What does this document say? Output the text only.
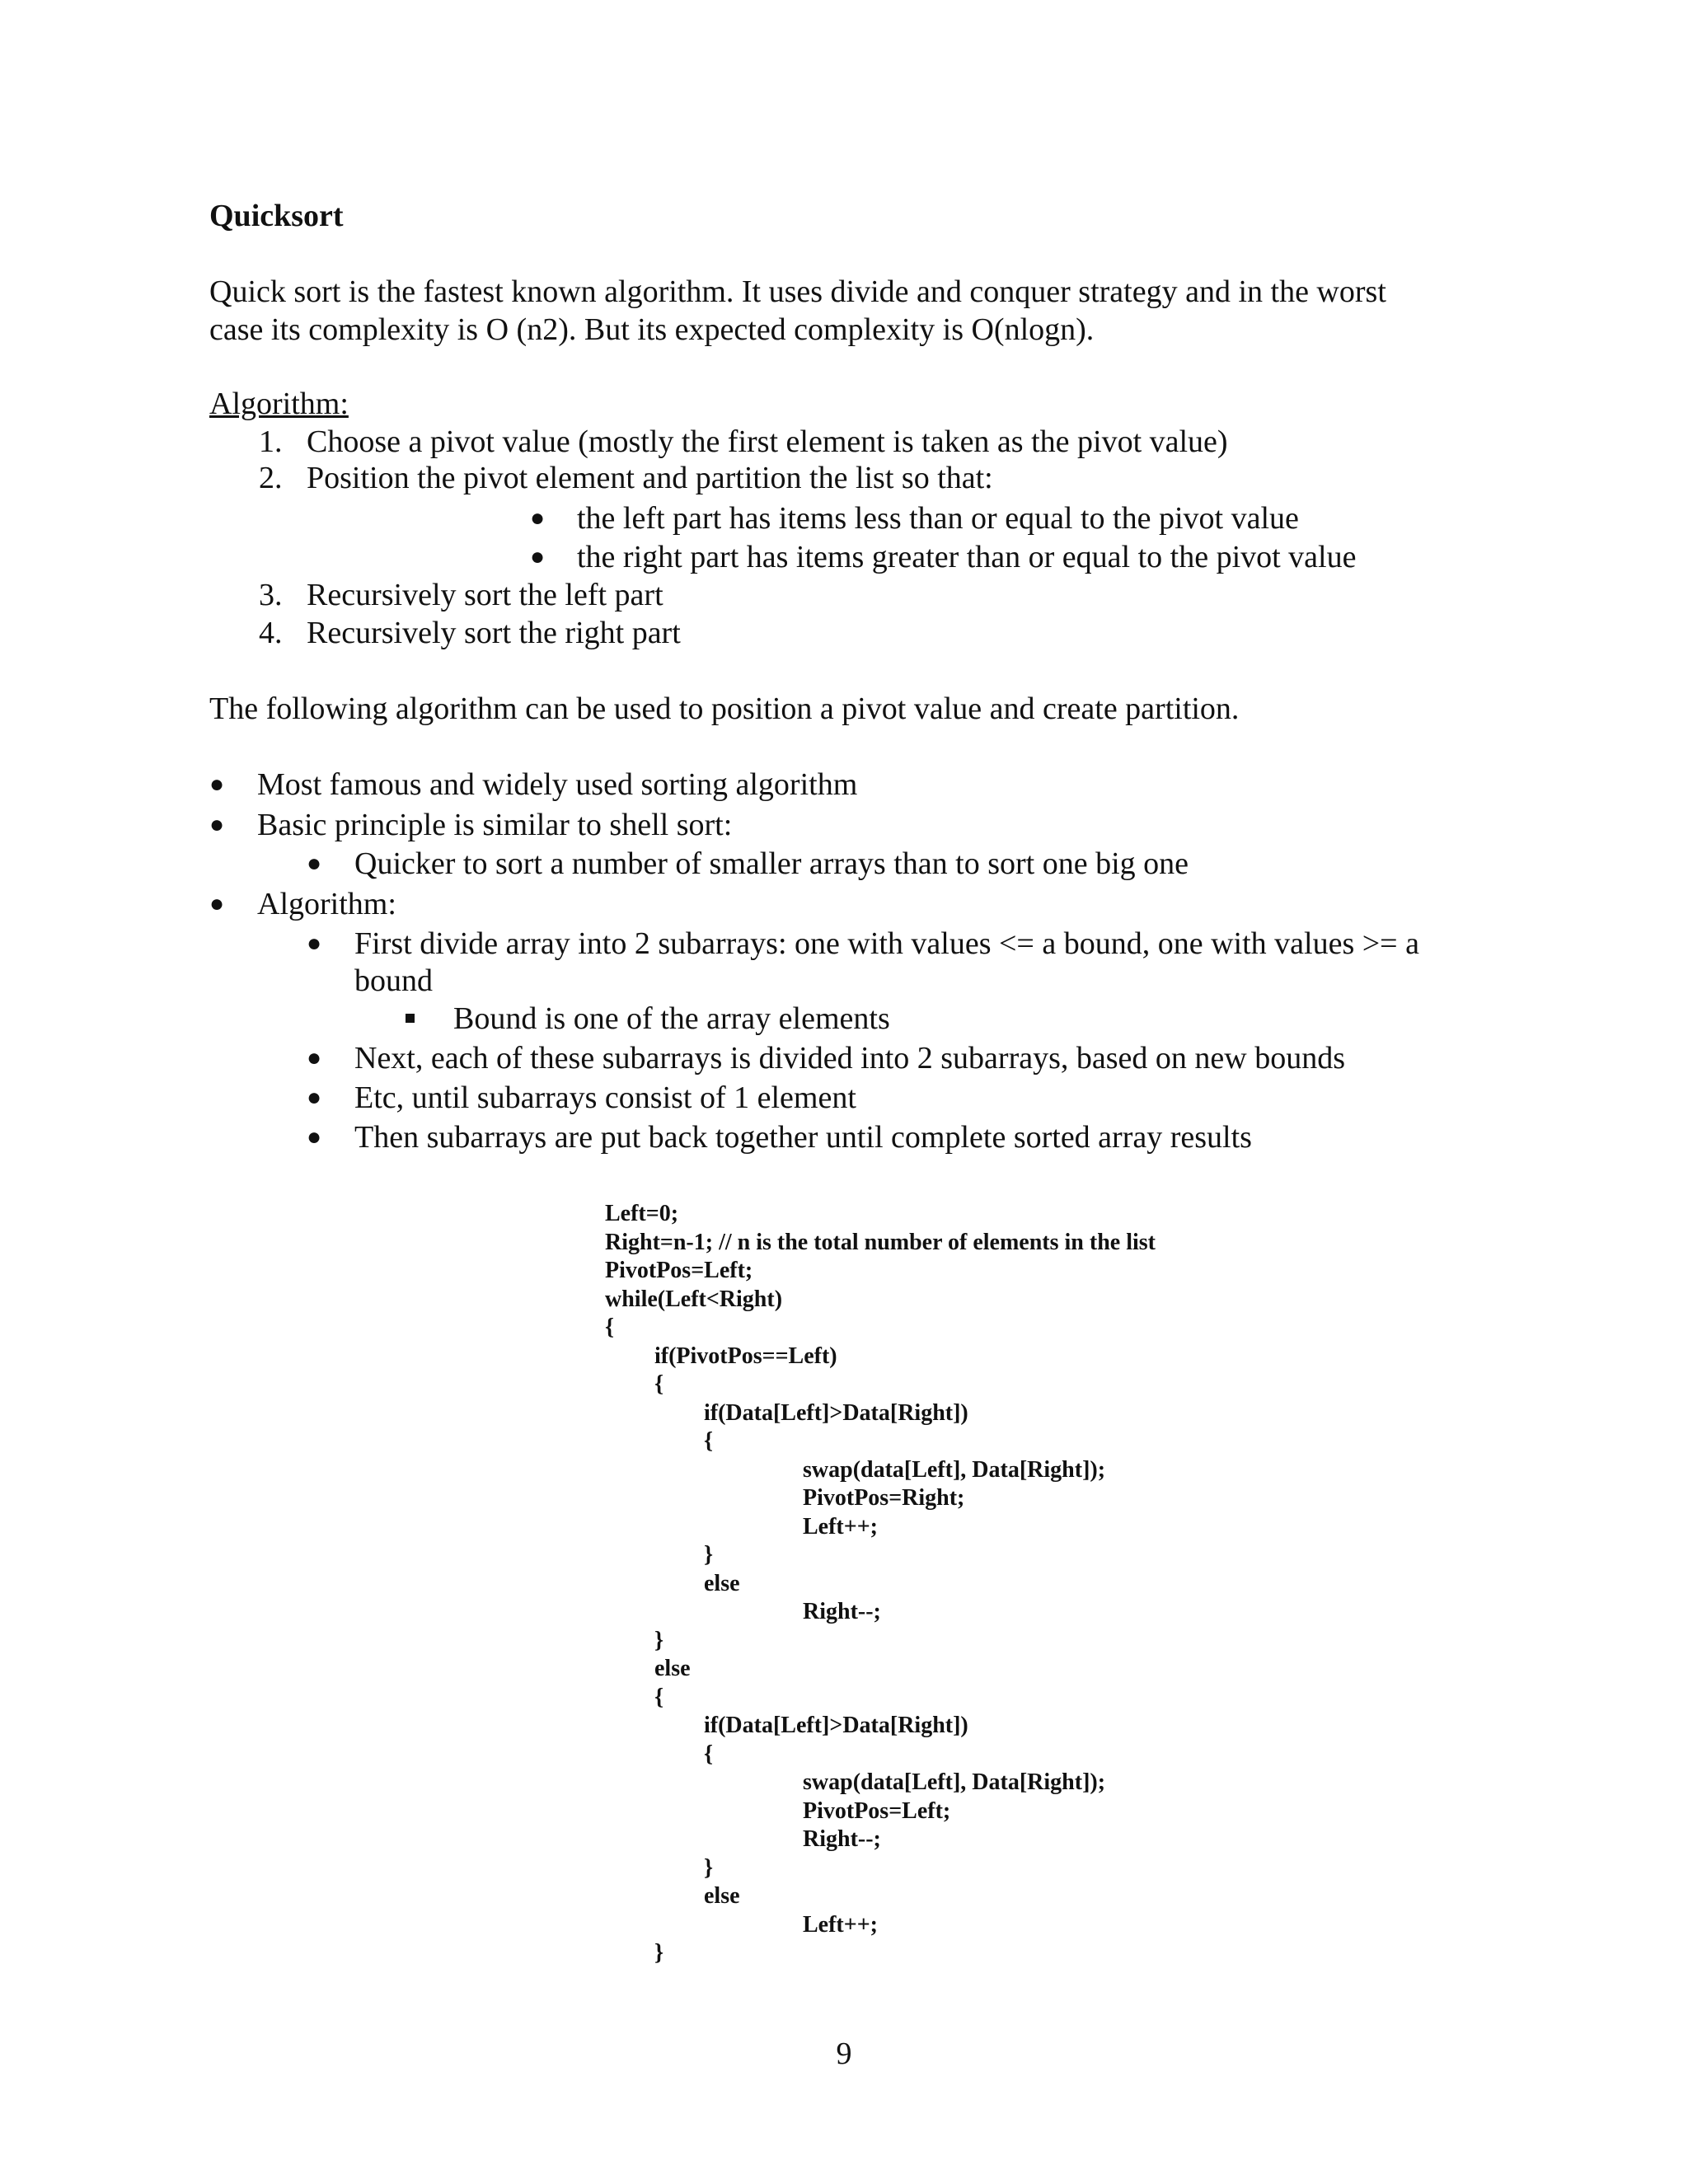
Quicksort
Quick sort is the fastest known algorithm. It uses divide and conquer strategy and in the worst
case its complexity is O (n2). But its expected complexity is O(nlogn).
Algorithm:
1. Choose a pivot value (mostly the first element is taken as the pivot value)
2. Position the pivot element and partition the list so that:
● the left part has items less than or equal to the pivot value
● the right part has items greater than or equal to the pivot value
3. Recursively sort the left part
4. Recursively sort the right part
The following algorithm can be used to position a pivot value and create partition.
● Most famous and widely used sorting algorithm
● Basic principle is similar to shell sort:
● Quicker to sort a number of smaller arrays than to sort one big one
● Algorithm:
● First divide array into 2 subarrays: one with values <= a bound, one with values >= a
bound
Bound is one of the array elements
● Next, each of these subarrays is divided into 2 subarrays, based on new bounds
● Etc, until subarrays consist of 1 element
● Then subarrays are put back together until complete sorted array results
Left=0;
Right=n-1; // n is the total number of elements in the list
PivotPos=Left;
while(Left<Right)
{
if(PivotPos==Left)
{
if(Data[Left]>Data[Right])
{
swap(data[Left], Data[Right]);
PivotPos=Right;
Left++;
}
else
Right--;
}
else
{
if(Data[Left]>Data[Right])
{
swap(data[Left], Data[Right]);
PivotPos=Left;
Right--;
}
else
Left++;
}
9
